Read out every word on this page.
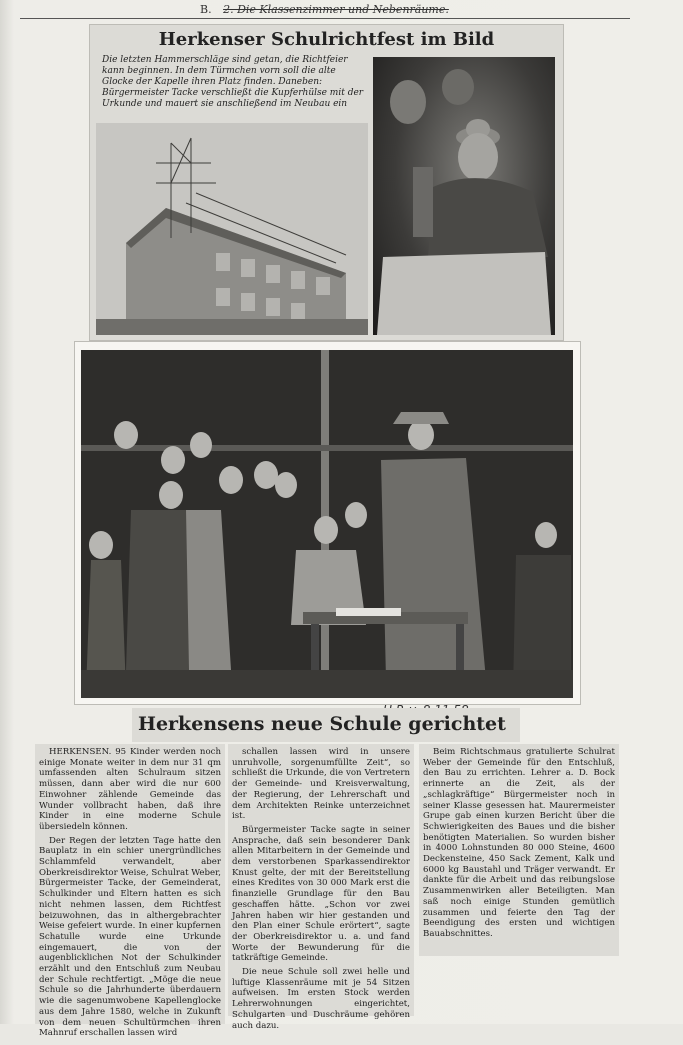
B. 2. Die Klassenzimmer und Nebenräume.
Herkenser Schulrichtfest im Bild
Die letzten Hammerschläge sind getan, die Richtfeier kann beginnen. In dem Türmchen vorn soll die alte Glocke der Kapelle ihren Platz finden. Daneben: Bürgermeister Tacke verschließt die Kupferhülse mit der Urkunde und mauert sie anschließend im Neubau ein
Herkensens neue Schule gerichtet

HERKENSEN. 95 Kinder werden noch einige Monate weiter in dem nur 31 qm umfassenden alten Schulraum sitzen müssen, dann aber wird die nur 600 Einwohner zählende Gemeinde das Wunder vollbracht haben, daß ihre Kinder in eine moderne Schule übersiedeln können.

Der Regen der letzten Tage hatte den Bauplatz in ein schier unergründliches Schlammfeld verwandelt, aber Oberkreisdirektor Weise, Schulrat Weber, Bürgermeister Tacke, der Gemeinderat, Schulkinder und Eltern hatten es sich nicht nehmen lassen, dem Richtfest beizuwohnen, das in althergebrachter Weise gefeiert wurde. In einer kupfernen Schatulle wurde eine Urkunde eingemauert, die von der augenblicklichen Not der Schulkinder erzählt und den Entschluß zum Neubau der Schule rechtfertigt. „Möge die neue Schule so die Jahrhunderte überdauern wie die sagenumwobene Kapellenglocke aus dem Jahre 1580, welche in Zukunft von dem neuen Schultürmchen ihren Mahnruf erschallen lassen wird

schallen lassen wird in unsere unruhvolle, sorgenumfüllte Zeit“, so schließt die Urkunde, die von Vertretern der Gemeinde- und Kreisverwaltung, der Regierung, der Lehrerschaft und dem Architekten Reinke unterzeichnet ist.

Bürgermeister Tacke sagte in seiner Ansprache, daß sein besonderer Dank allen Mitarbeitern in der Gemeinde und dem verstorbenen Sparkassendirektor Knust gelte, der mit der Bereitstellung eines Kredites von 30 000 Mark erst die finanzielle Grundlage für den Bau geschaffen hätte. „Schon vor zwei Jahren haben wir hier gestanden und den Plan einer Schule erörtert“, sagte der Oberkreisdirektor u. a. und fand Worte der Bewunderung für die tatkräftige Gemeinde.

Die neue Schule soll zwei helle und luftige Klassenräume mit je 54 Sitzen aufweisen. Im ersten Stock werden Lehrerwohnungen eingerichtet, Schulgarten und Duschräume gehören auch dazu.

Beim Richtschmaus gratulierte Schulrat Weber der Gemeinde für den Entschluß, den Bau zu errichten. Lehrer a. D. Bock erinnerte an die Zeit, als der „schlagkräftige“ Bürgermeister noch in seiner Klasse gesessen hat. Maurermeister Grupe gab einen kurzen Bericht über die Schwierigkeiten des Baues und die bisher benötigten Materialien. So wurden bisher in 4000 Lohnstunden 80 000 Steine, 4600 Deckensteine, 450 Sack Zement, Kalk und 6000 kg Baustahl und Träger verwandt. Er dankte für die Arbeit und das reibungslose Zusammenwirken aller Beteiligten. Man saß noch einige Stunden gemütlich zusammen und feierte den Tag der Beendigung des ersten und wichtigen Bauabschnittes.
